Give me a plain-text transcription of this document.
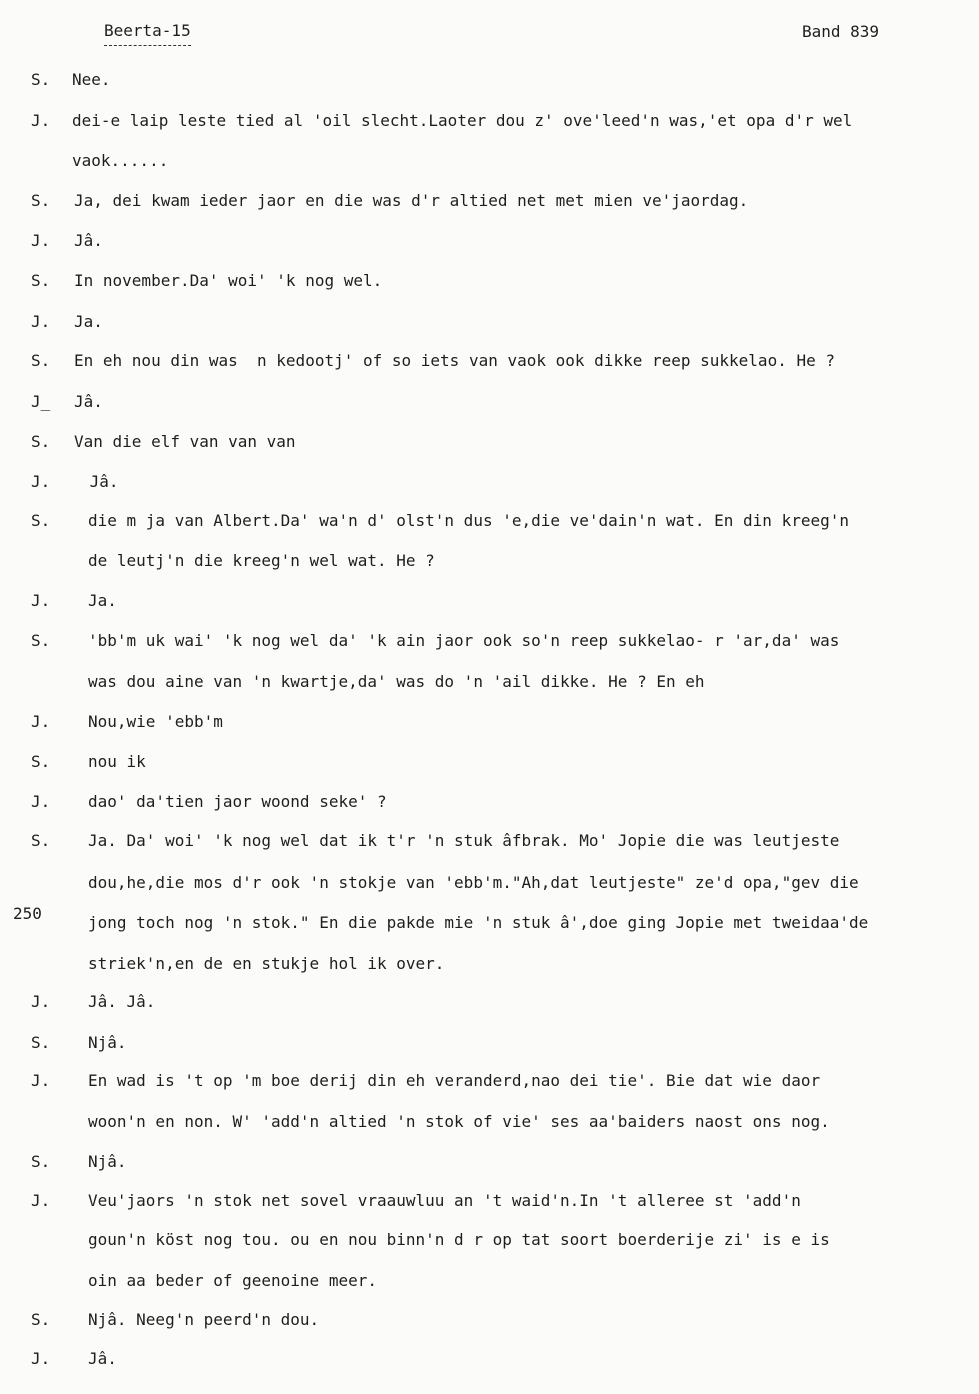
Beerta-15	Band 839
250
S. Nee.
J. dei-e laip leste tied al 'oil slecht.Laoter dou z' ove'leed'n was,'et opa d'r wel
vaok......
S. Ja, dei kwam ieder jaor en die was d'r altied net met mien ve'jaordag.
J. Jâ.
S. In november.Da' woi' 'k nog wel.
J. Ja.
S. En eh nou din was  n kedootj' of so iets van vaok ook dikke reep sukkelao. He ?
J_ Jâ.
S. Van die elf van van van
J. Jâ.
S. die m ja van Albert.Da' wa'n d' olst'n dus 'e,die ve'dain'n wat. En din kreeg'n
de leutj'n die kreeg'n wel wat. He ?
J. Ja.
S. 'bb'm uk wai' 'k nog wel da' 'k ain jaor ook so'n reep sukkelao- r 'ar,da' was
was dou aine van 'n kwartje,da' was do 'n 'ail dikke. He ? En eh
J. Nou,wie 'ebb'm
S. nou ik
J. dao' da'tien jaor woond seke' ?
S. Ja. Da' woi' 'k nog wel dat ik t'r 'n stuk âfbrak. Mo' Jopie die was leutjeste
dou,he,die mos d'r ook 'n stokje van 'ebb'm."Ah,dat leutjeste" ze'd opa,"gev die
jong toch nog 'n stok." En die pakde mie 'n stuk â',doe ging Jopie met tweidaa'de
striek'n,en de en stukje hol ik over.
J. Jâ. Jâ.
S. Njâ.
J. En wad is 't op 'm boe derij din eh veranderd,nao dei tie'. Bie dat wie daor
woon'n en non. W' 'add'n altied 'n stok of vie' ses aa'baiders naost ons nog.
S. Njâ.
J. Veu'jaors 'n stok net sovel vraauwluu an 't waid'n.In 't alleree st 'add'n
goun'n köst nog tou. ou en nou binn'n d r op tat soort boerderije zi' is e is
oin aa beder of geenoine meer.
S. Njâ. Neeg'n peerd'n dou.
J. Jâ.
